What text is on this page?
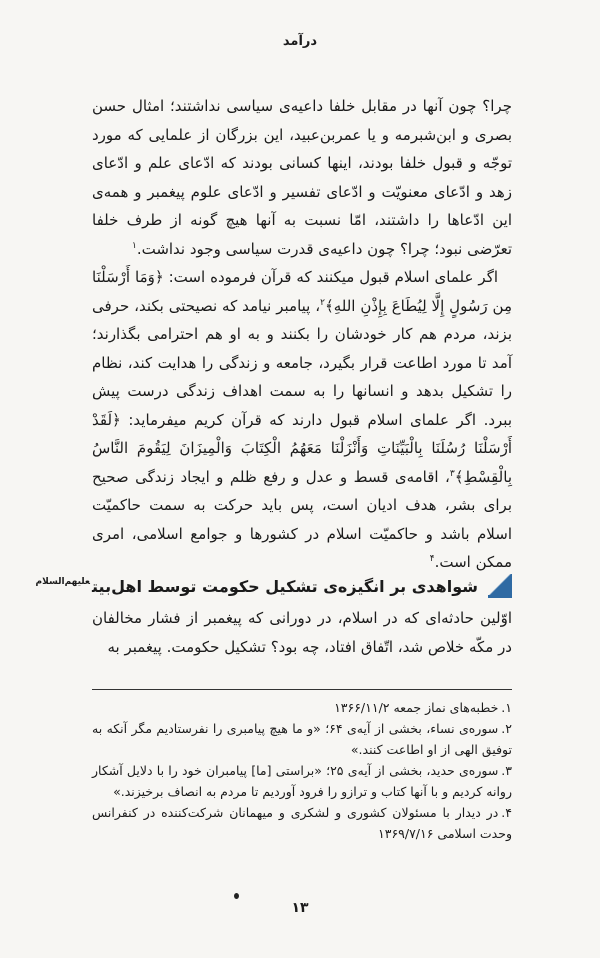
درآمد

چرا؟ چون آنها در مقابل خلفا داعیه‌ی سیاسی نداشتند؛ امثال حسن بصری و ابن‌شبرمه و یا عمربن‌عبید، این بزرگان از علمایی که مورد توجّه و قبول خلفا بودند، اینها کسانی بودند که ادّعای علم و ادّعای زهد و ادّعای معنویّت و ادّعای تفسیر و ادّعای علوم پیغمبر و همه‌ی این ادّعاها را داشتند، امّا نسبت به آنها هیچ گونه از طرف خلفا تعرّضی نبود؛ چرا؟ چون داعیه‌ی قدرت سیاسی وجود نداشت.$^۱$

اگر علمای اسلام قبول میکنند که قرآن فرموده است: ﴿وَمَا أَرْسَلْنَا مِن رَسُولٍ إِلَّا لِيُطَاعَ بِإِذْنِ اللهِ﴾$^۲$، پیامبر نیامد که نصیحتی بکند، حرفی بزند، مردم هم کار خودشان را بکنند و به او هم احترامی بگذارند؛ آمد تا مورد اطاعت قرار بگیرد، جامعه و زندگی را هدایت کند، نظام را تشکیل بدهد و انسانها را به سمت اهداف زندگی درست پیش ببرد. اگر علمای اسلام قبول دارند که قرآن کریم میفرماید: ﴿لَقَدْ أَرْسَلْنَا رُسُلَنَا بِالْبَيِّنَاتِ وَأَنْزَلْنَا مَعَهُمُ الْكِتَابَ وَالْمِيزَانَ لِيَقُومَ النَّاسُ بِالْقِسْطِ﴾$^۳$، اقامه‌ی قسط و عدل و رفع ظلم و ایجاد زندگی صحیح برای بشر، هدف ادیان است، پس باید حرکت به سمت حاکمیّت اسلام باشد و حاکمیّت اسلام در کشورها و جوامع اسلامی، امری ممکن است.$^۴$

شواهدی بر انگیزه‌ی تشکیل حکومت توسط اهل‌بیت$^{علیهم‌السلام}$

اوّلین حادثه‌ای که در اسلام، در دورانی که پیغمبر از فشار مخالفان در مکّه خلاص شد، اتّفاق افتاد، چه بود؟ تشکیل حکومت. پیغمبر به

۱.خطبه‌های نماز جمعه ۱۳۶۶/۱۱/۲

۲.سوره‌ی نساء، بخشی از آیه‌ی ۶۴؛ «و ما هیچ پیامبری را نفرستادیم مگر آنکه به توفیق الهی از او اطاعت کنند.»

۳.سوره‌ی حدید، بخشی از آیه‌ی ۲۵؛ «براستی [ما] پیامبران خود را با دلایل آشکار روانه کردیم و با آنها کتاب و ترازو را فرود آوردیم تا مردم به انصاف برخیزند.»

۴.در دیدار با مسئولان کشوری و لشکری و میهمانان شرکت‌کننده در کنفرانس وحدت اسلامی ۱۳۶۹/۷/۱۶

۱۳
